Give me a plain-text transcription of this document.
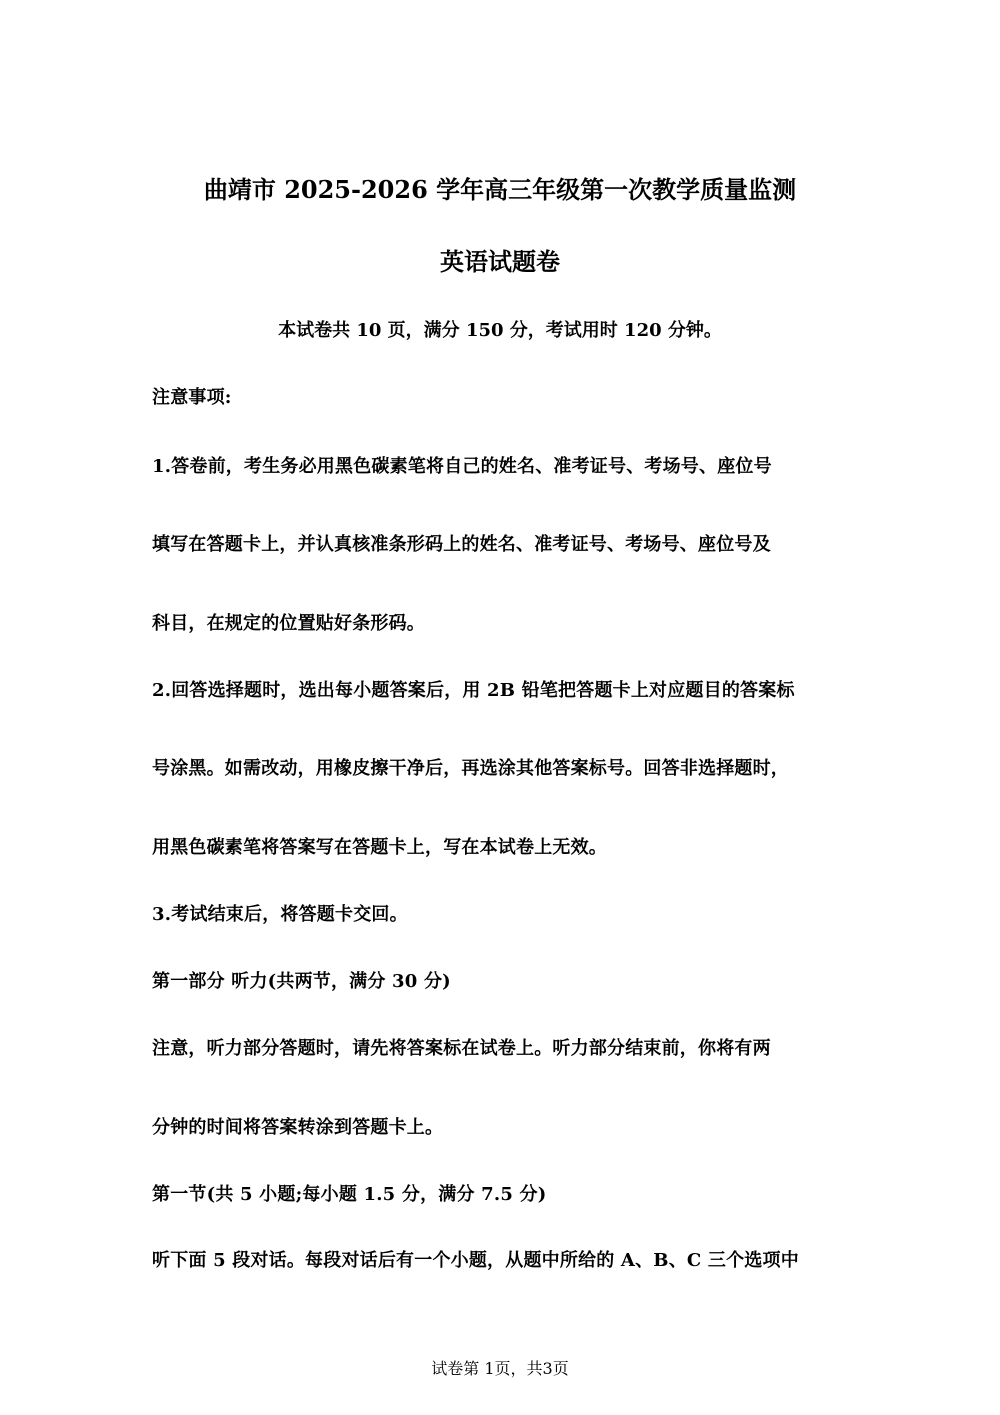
曲靖市 2025-2026 学年高三年级第一次教学质量监测
英语试题卷
本试卷共 10 页，满分 150 分，考试用时 120 分钟。
注意事项:
1.答卷前，考生务必用黑色碳素笔将自己的姓名、准考证号、考场号、座位号
填写在答题卡上，并认真核准条形码上的姓名、准考证号、考场号、座位号及
科目，在规定的位置贴好条形码。
2.回答选择题时，选出每小题答案后，用 2B 铅笔把答题卡上对应题目的答案标
号涂黑。如需改动，用橡皮擦干净后，再选涂其他答案标号。回答非选择题时，
用黑色碳素笔将答案写在答题卡上，写在本试卷上无效。
3.考试结束后，将答题卡交回。
第一部分 听力(共两节，满分 30 分)
注意，听力部分答题时，请先将答案标在试卷上。听力部分结束前，你将有两
分钟的时间将答案转涂到答题卡上。
第一节(共 5 小题;每小题 1.5 分，满分 7.5 分)
听下面 5 段对话。每段对话后有一个小题，从题中所给的 A、B、C 三个选项中
试卷第 1页，共3页
